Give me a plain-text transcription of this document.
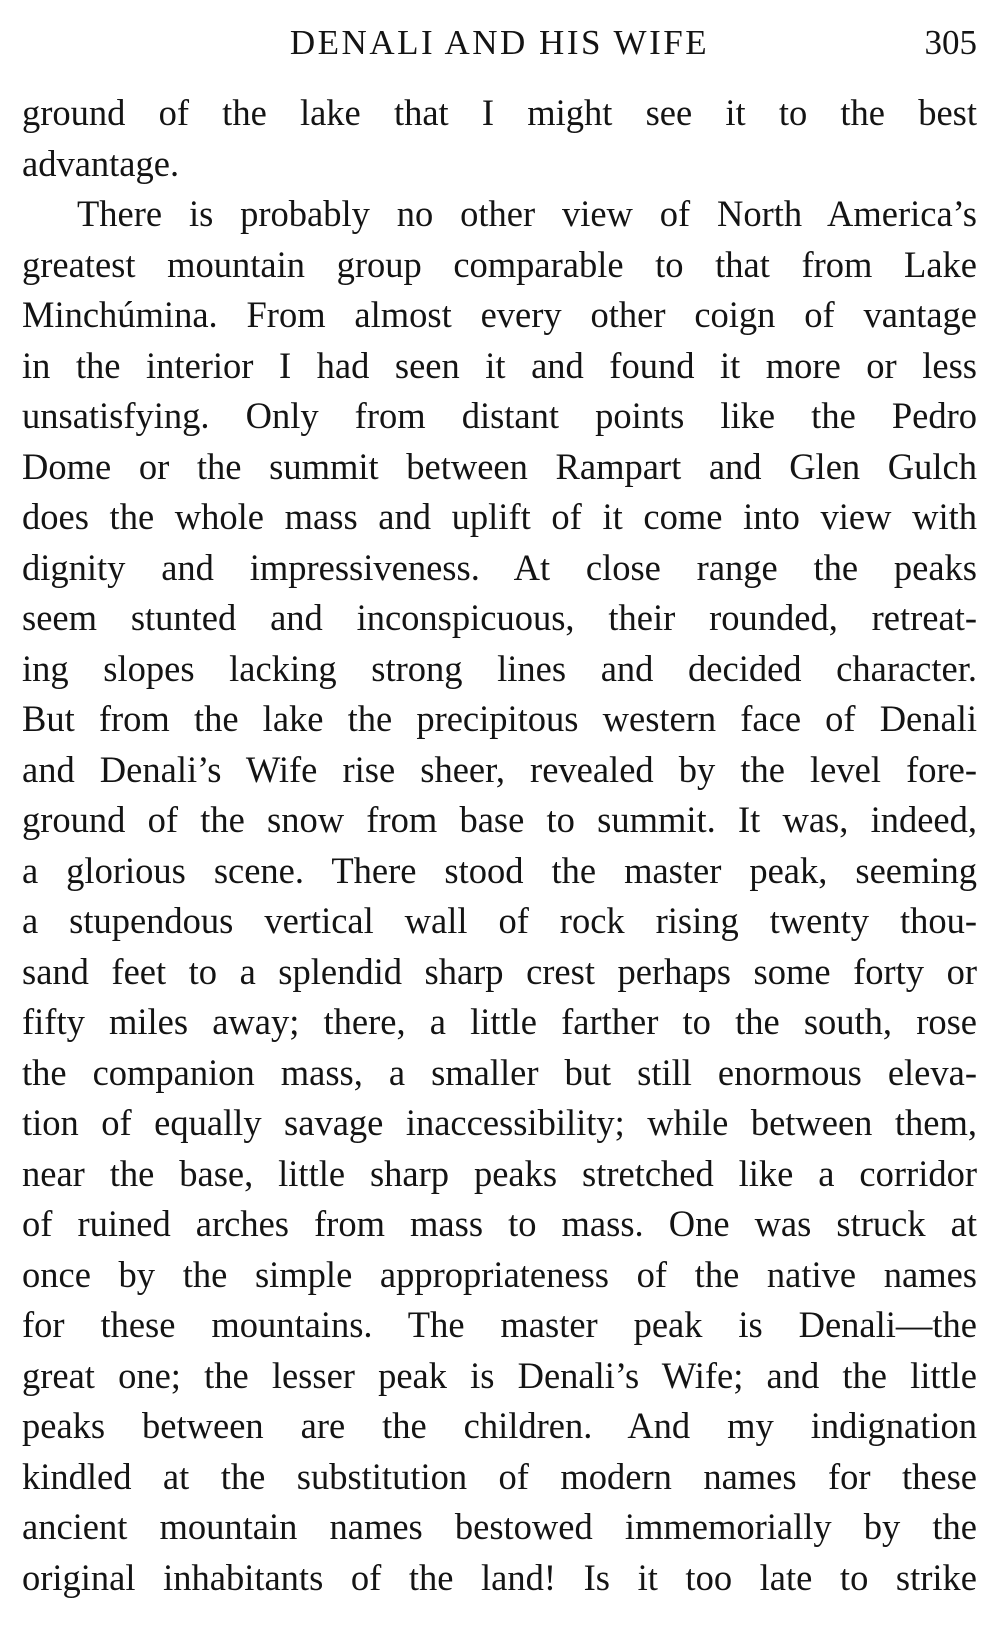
DENALI AND HIS WIFE	305
ground of the lake that I might see it to the best
advantage.
There is probably no other view of North America’s
greatest mountain group comparable to that from Lake
Minchúmina. From almost every other coign of vantage
in the interior I had seen it and found it more or less
unsatisfying. Only from distant points like the Pedro
Dome or the summit between Rampart and Glen Gulch
does the whole mass and uplift of it come into view with
dignity and impressiveness. At close range the peaks
seem stunted and inconspicuous, their rounded, retreat-
ing slopes lacking strong lines and decided character.
But from the lake the precipitous western face of Denali
and Denali’s Wife rise sheer, revealed by the level fore-
ground of the snow from base to summit. It was, indeed,
a glorious scene. There stood the master peak, seeming
a stupendous vertical wall of rock rising twenty thou-
sand feet to a splendid sharp crest perhaps some forty or
fifty miles away; there, a little farther to the south, rose
the companion mass, a smaller but still enormous eleva-
tion of equally savage inaccessibility; while between them,
near the base, little sharp peaks stretched like a corridor
of ruined arches from mass to mass. One was struck at
once by the simple appropriateness of the native names
for these mountains. The master peak is Denali—the
great one; the lesser peak is Denali’s Wife; and the little
peaks between are the children. And my indignation
kindled at the substitution of modern names for these
ancient mountain names bestowed immemorially by the
original inhabitants of the land! Is it too late to strike
